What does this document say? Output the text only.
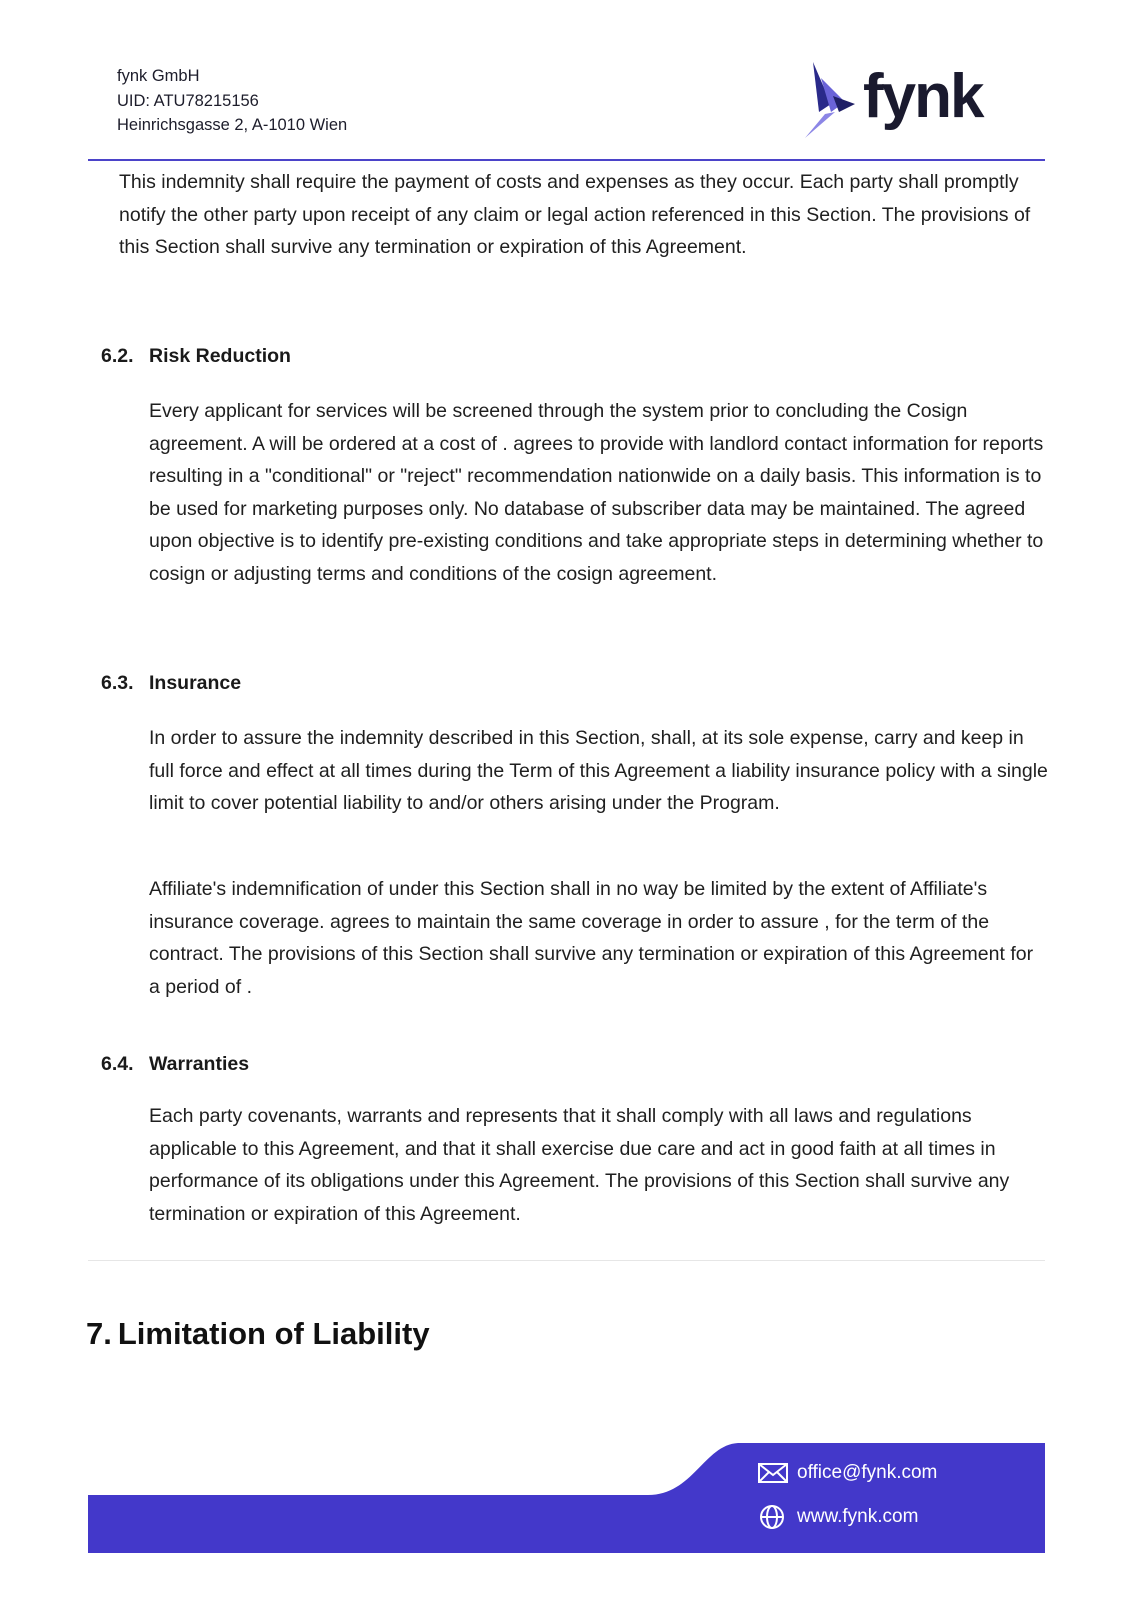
fynk GmbH
UID: ATU78215156
Heinrichsgasse 2, A-1010 Wien	fynk
This indemnity shall require the payment of costs and expenses as they occur. Each party shall promptly notify the other party upon receipt of any claim or legal action referenced in this Section. The provisions of this Section shall survive any termination or expiration of this Agreement.
6.2. Risk Reduction
Every applicant for services will be screened through the system prior to concluding the Cosign agreement. A will be ordered at a cost of . agrees to provide with landlord contact information for reports resulting in a "conditional" or "reject" recommendation nationwide on a daily basis. This information is to be used for marketing purposes only. No database of subscriber data may be maintained. The agreed upon objective is to identify pre-existing conditions and take appropriate steps in determining whether to cosign or adjusting terms and conditions of the cosign agreement.
6.3. Insurance
In order to assure the indemnity described in this Section, shall, at its sole expense, carry and keep in full force and effect at all times during the Term of this Agreement a liability insurance policy with a single limit to cover potential liability to and/or others arising under the Program.
Affiliate's indemnification of under this Section shall in no way be limited by the extent of Affiliate's insurance coverage. agrees to maintain the same coverage in order to assure , for the term of the contract. The provisions of this Section shall survive any termination or expiration of this Agreement for a period of .
6.4. Warranties
Each party covenants, warrants and represents that it shall comply with all laws and regulations applicable to this Agreement, and that it shall exercise due care and act in good faith at all times in performance of its obligations under this Agreement. The provisions of this Section shall survive any termination or expiration of this Agreement.
7. Limitation of Liability
office@fynk.com
www.fynk.com
